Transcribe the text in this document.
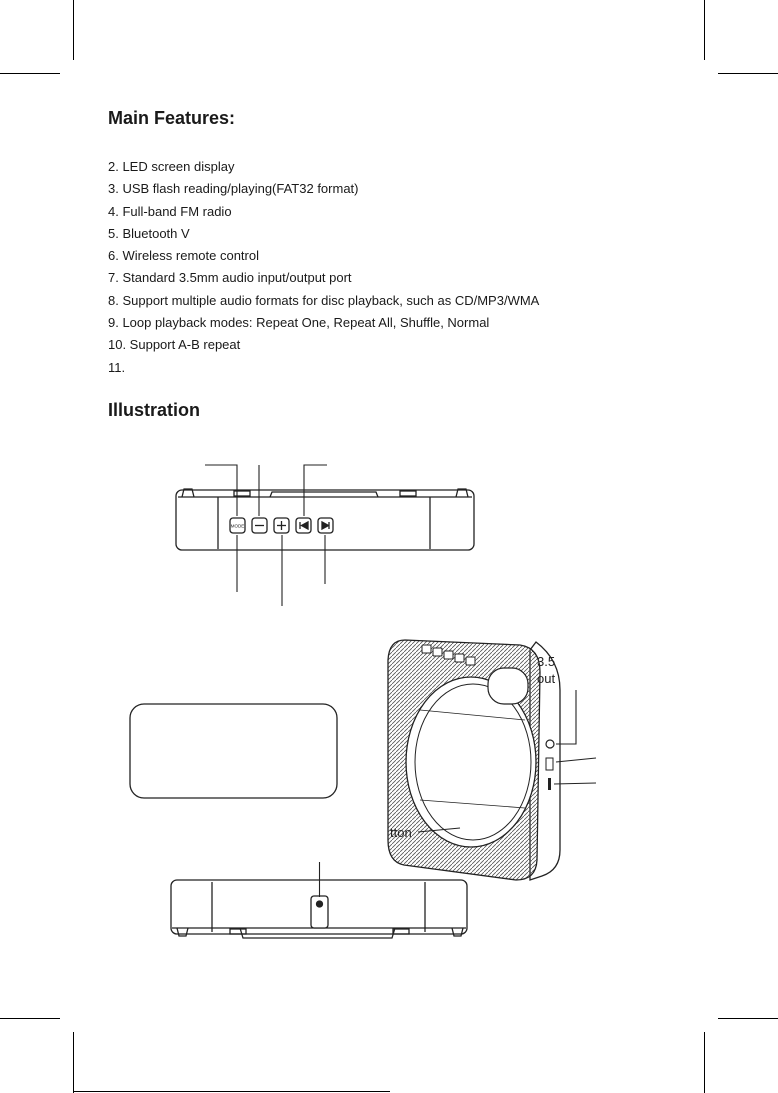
Main Features:
2. LED screen display
3. USB flash reading/playing(FAT32 format)
4. Full-band FM radio
5. Bluetooth V
6. Wireless remote control
7. Standard 3.5mm audio input/output port
8. Support multiple audio formats for disc playback, such as CD/MP3/WMA
9. Loop playback modes: Repeat One, Repeat All, Shuffle, Normal
10. Support A-B repeat
11.
Illustration
MODE
3.5
out
tton
